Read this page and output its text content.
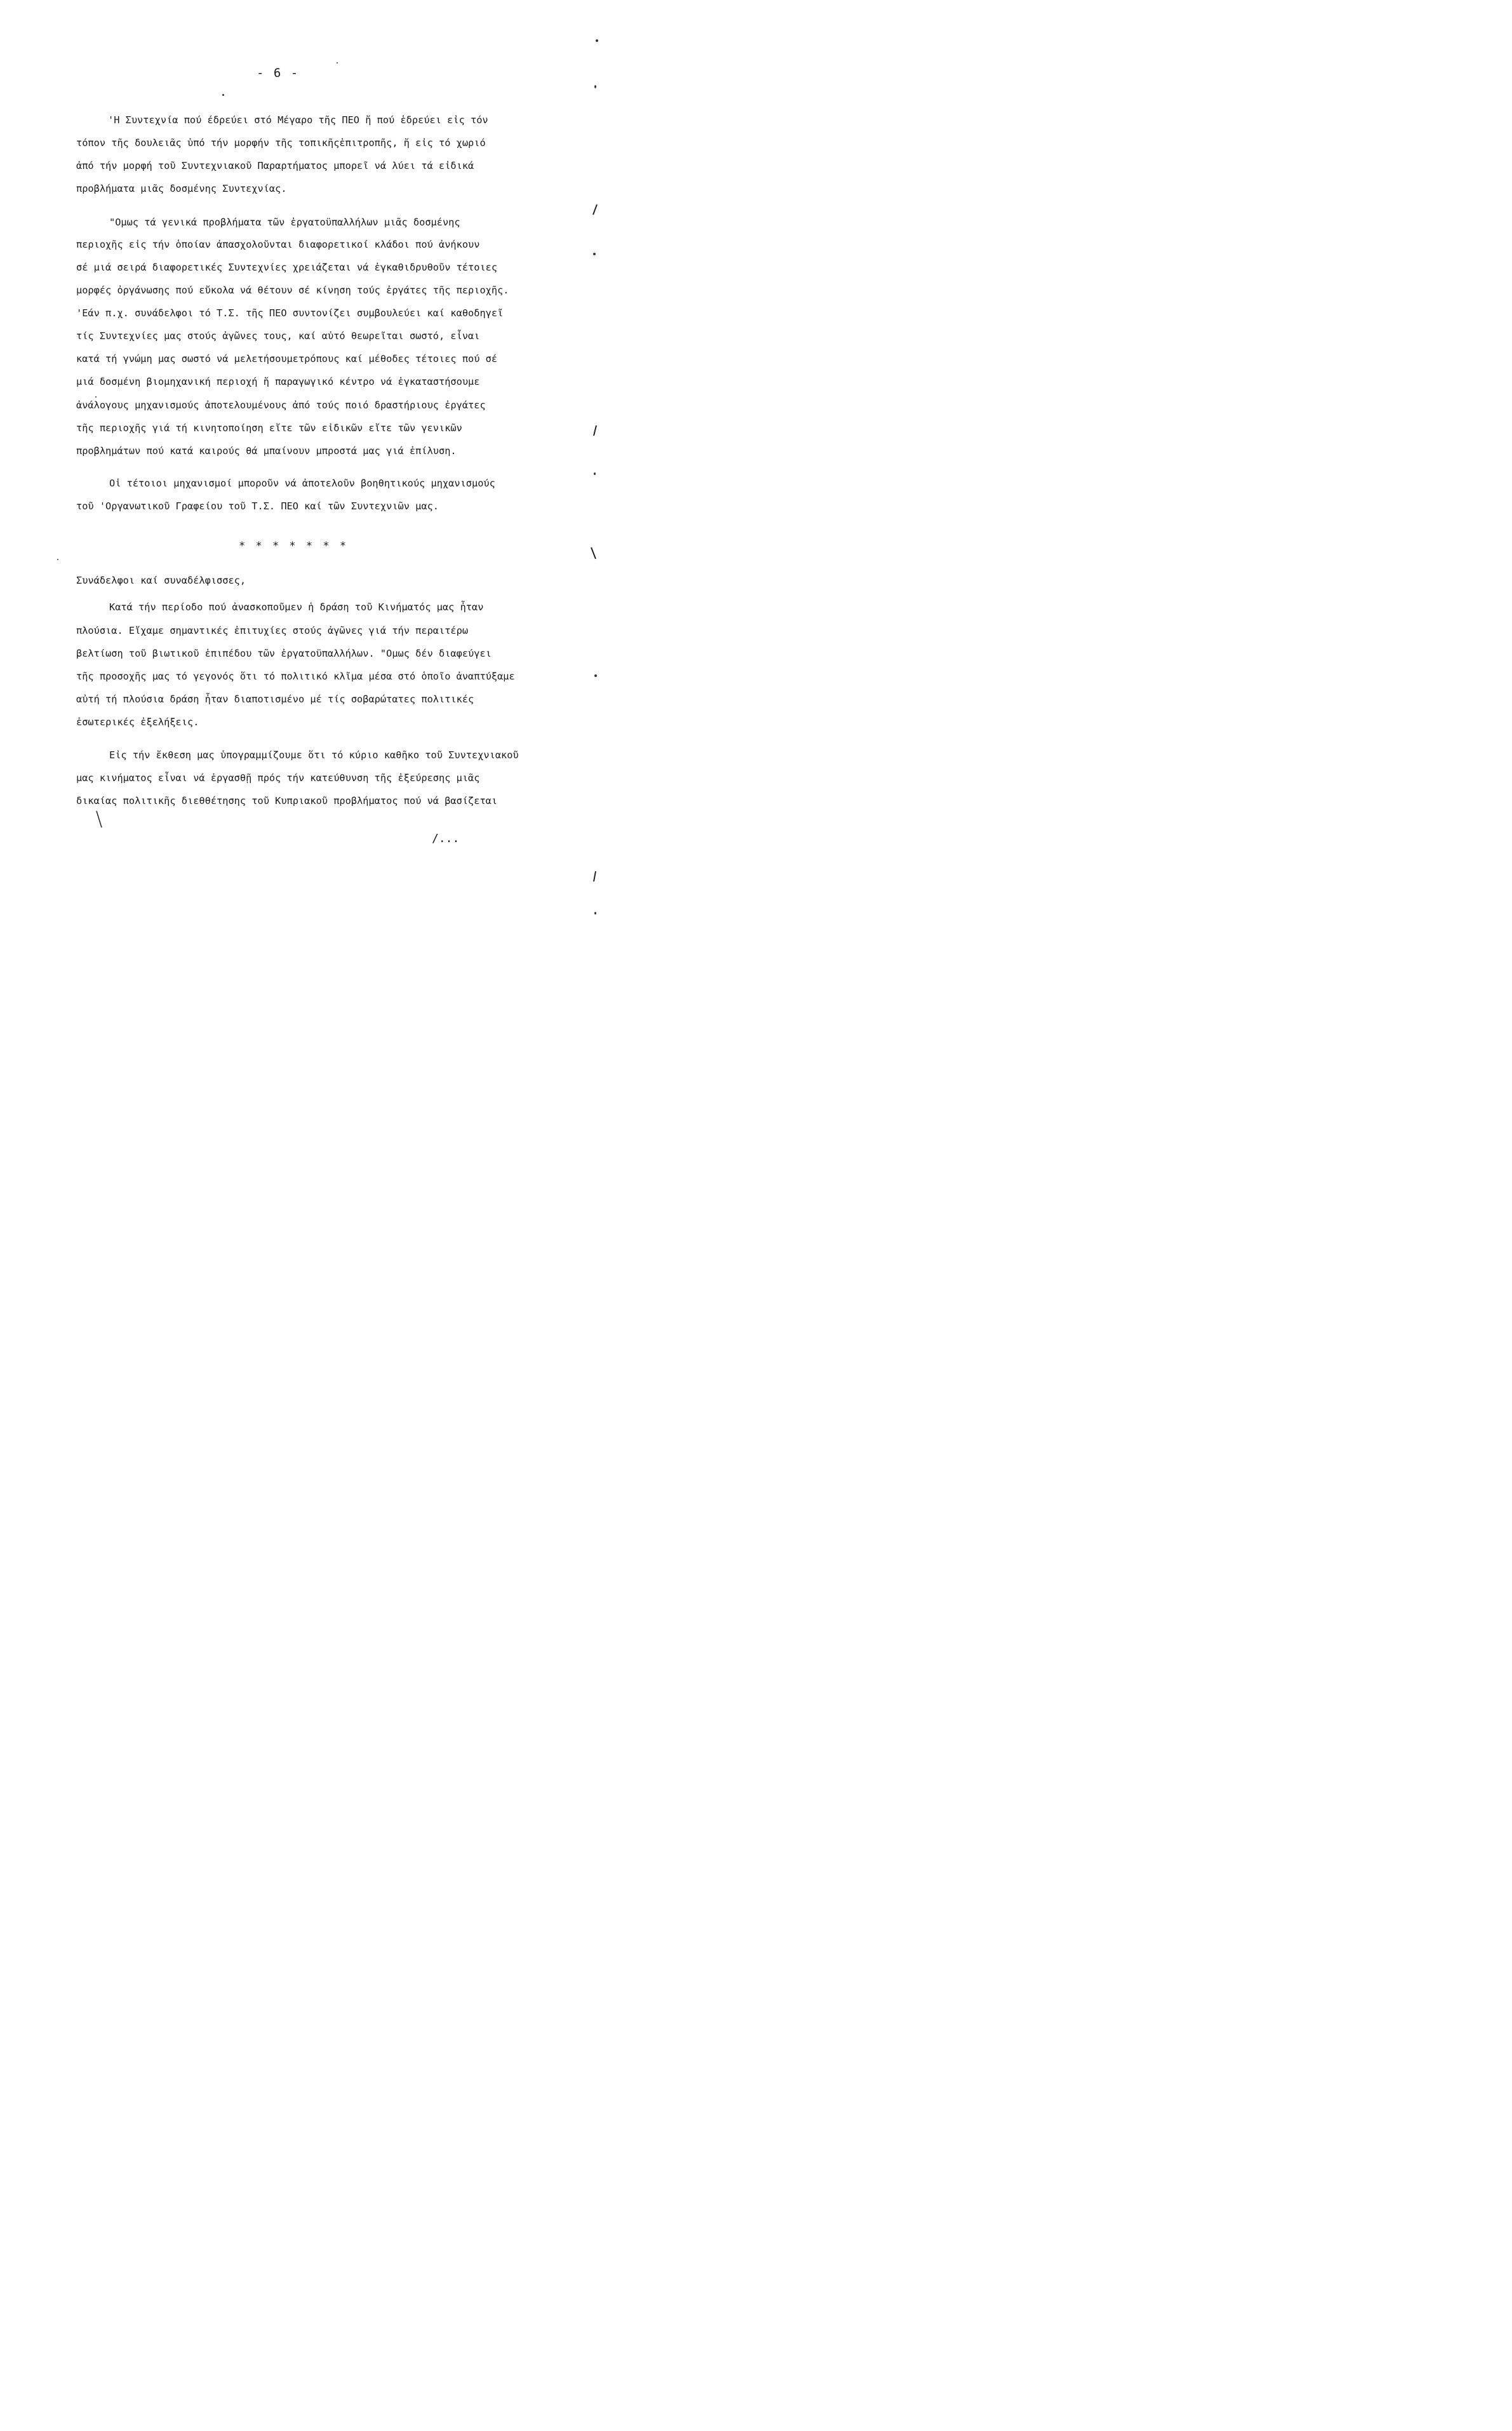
- 6 -
'Η Συντεχνία πού έδρεύει στό Μέγαρο τῆς ΠΕΟ ἤ πού ἑδρεύει εἰς τόν
τόπον τῆς δουλειᾶς ὑπό τήν μορφήν τῆς τοπικῆςἐπιτροπῆς, ἤ εἰς τό χωριό
ἀπό τήν μορφή τοῦ Συντεχνιακοῦ Παραρτήματος μπορεῖ νά λύει τά εἰδικά
προβλήματα μιᾶς δοσμένης Συντεχνίας.
"Ομως τά γενικά προβλήματα τῶν ἐργατοϋπαλλήλων μιᾶς δοσμένης
περιοχῆς εἰς τήν ὁποίαν ἀπασχολοῦνται διαφορετικοί κλάδοι πού ἀνήκουν
σέ μιά σειρά διαφορετικές Συντεχνίες χρειάζεται νά ἐγκαθιδρυθοῦν τέτοιες
μορφές ὀργάνωσης πού εὔκολα νά θέτουν σέ κίνηση τούς ἐργάτες τῆς περιοχῆς.
'Εάν π.χ. συνάδελφοι τό Τ.Σ. τῆς ΠΕΟ συντονίζει συμβουλεύει καί καθοδηγεῖ
τίς Συντεχνίες μας στούς ἀγῶνες τους, καί αὐτό θεωρεῖται σωστό, εἶναι
κατά τή γνώμη μας σωστό νά μελετήσουμετρόπους καί μέθοδες τέτοιες πού σέ
μιά δοσμένη βιομηχανική περιοχή ἤ παραγωγικό κέντρο νά ἐγκαταστήσουμε
ἀνάλογους μηχανισμούς ἀποτελουμένους ἀπό τούς ποιό δραστήριους ἐργάτες
τῆς περιοχῆς γιά τή κινητοποίηση εἴτε τῶν εἰδικῶν εἴτε τῶν γενικῶν
προβλημάτων πού κατά καιρούς θά μπαίνουν μπροστά μας γιά ἐπίλυση.
Οἱ τέτοιοι μηχανισμοί μποροῦν νά ἀποτελοῦν βοηθητικούς μηχανισμούς
τοῦ 'Οργανωτικοῦ Γραφείου τοῦ Τ.Σ. ΠΕΟ καί τῶν Συντεχνιῶν μας.
* * * * * * *
Συνάδελφοι καί συναδέλφισσες,
Κατά τήν περίοδο πού ἀνασκοποῦμεν ἡ δράση τοῦ Κινήματός μας ἦταν
πλούσια. Εἴχαμε σημαντικές ἐπιτυχίες στούς ἀγῶνες γιά τήν περαιτέρω
βελτίωση τοῦ βιωτικοῦ ἐπιπέδου τῶν ἐργατοϋπαλλήλων. "Ομως δέν διαφεύγει
τῆς προσοχῆς μας τό γεγονός ὅτι τό πολιτικό κλῖμα μέσα στό ὁποῖο ἀναπτύξαμε
αὐτή τή πλούσια δράση ἦταν διαποτισμένο μέ τίς σοβαρώτατες πολιτικές
ἐσωτερικές ἐξελήξεις.
Εἰς τήν ἔκθεση μας ὑπογραμμίζουμε ὅτι τό κύριο καθῆκο τοῦ Συντεχνιακοῦ
μας κινήματος εἶναι νά ἐργασθῇ πρός τήν κατεύθυνση τῆς ἐξεύρεσης μιᾶς
δικαίας πολιτικῆς διεθθέτησης τοῦ Κυπριακοῦ προβλήματος πού νά βασίζεται
/...
